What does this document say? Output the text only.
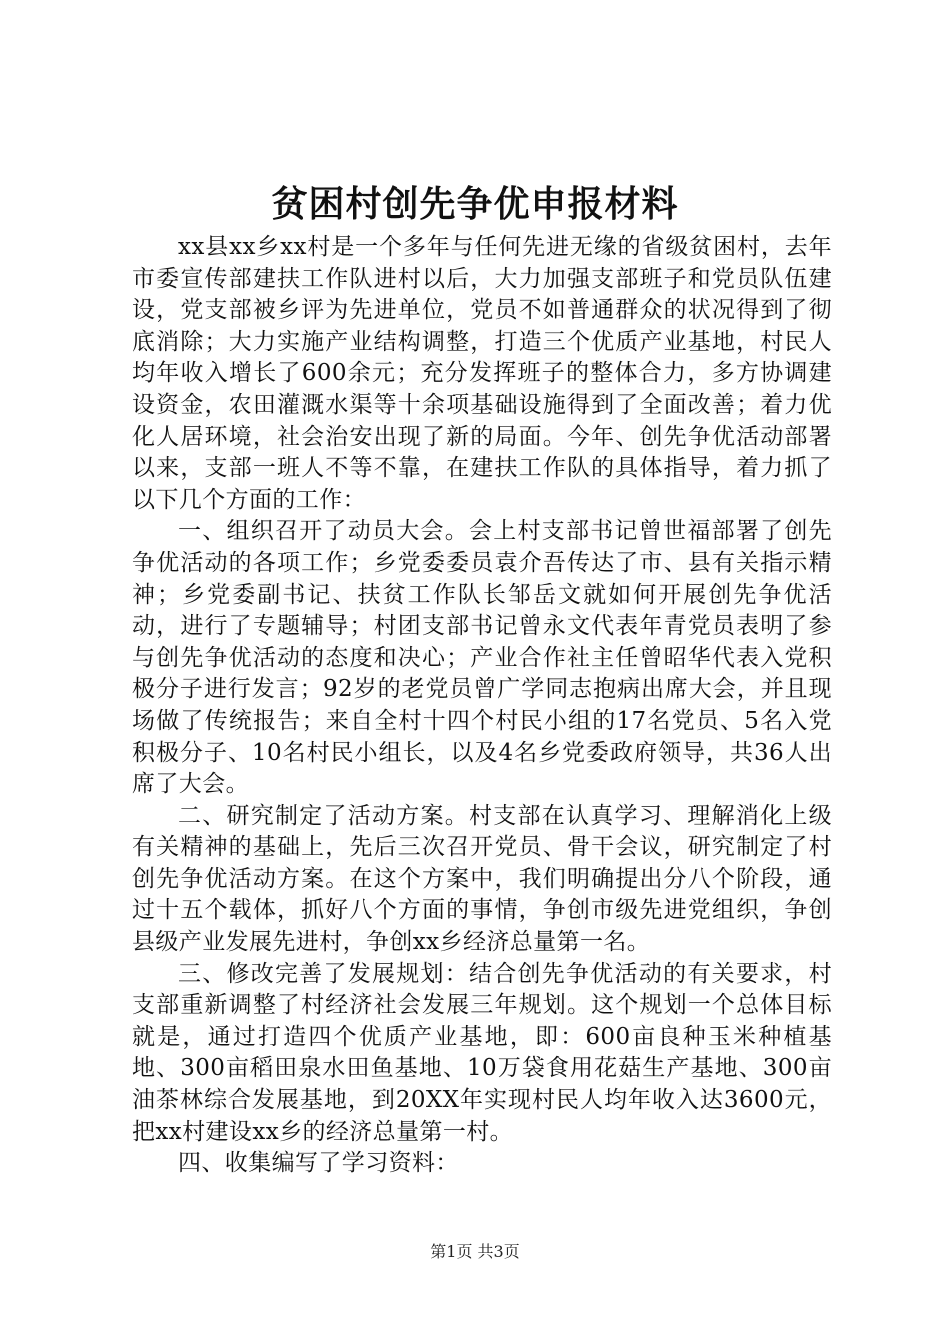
贫困村创先争优申报材料

xx县xx乡xx村是一个多年与任何先进无缘的省级贫困村，去年市委宣传部建扶工作队进村以后，大力加强支部班子和党员队伍建设，党支部被乡评为先进单位，党员不如普通群众的状况得到了彻底消除；大力实施产业结构调整，打造三个优质产业基地，村民人均年收入增长了600余元；充分发挥班子的整体合力，多方协调建设资金，农田灌溉水渠等十余项基础设施得到了全面改善；着力优化人居环境，社会治安出现了新的局面。今年、创先争优活动部署以来，支部一班人不等不靠，在建扶工作队的具体指导，着力抓了以下几个方面的工作：

一、组织召开了动员大会。会上村支部书记曾世福部署了创先争优活动的各项工作；乡党委委员袁介吾传达了市、县有关指示精神；乡党委副书记、扶贫工作队长邹岳文就如何开展创先争优活动，进行了专题辅导；村团支部书记曾永文代表年青党员表明了参与创先争优活动的态度和决心；产业合作社主任曾昭华代表入党积极分子进行发言；92岁的老党员曾广学同志抱病出席大会，并且现场做了传统报告；来自全村十四个村民小组的17名党员、5名入党积极分子、10名村民小组长，以及4名乡党委政府领导，共36人出席了大会。

二、研究制定了活动方案。村支部在认真学习、理解消化上级有关精神的基础上，先后三次召开党员、骨干会议，研究制定了村创先争优活动方案。在这个方案中，我们明确提出分八个阶段，通过十五个载体，抓好八个方面的事情，争创市级先进党组织，争创县级产业发展先进村，争创xx乡经济总量第一名。

三、修改完善了发展规划：结合创先争优活动的有关要求，村支部重新调整了村经济社会发展三年规划。这个规划一个总体目标就是，通过打造四个优质产业基地，即：600亩良种玉米种植基地、300亩稻田泉水田鱼基地、10万袋食用花菇生产基地、300亩油茶林综合发展基地，到20XX年实现村民人均年收入达3600元，把xx村建设xx乡的经济总量第一村。

四、收集编写了学习资料：

第1页 共3页
